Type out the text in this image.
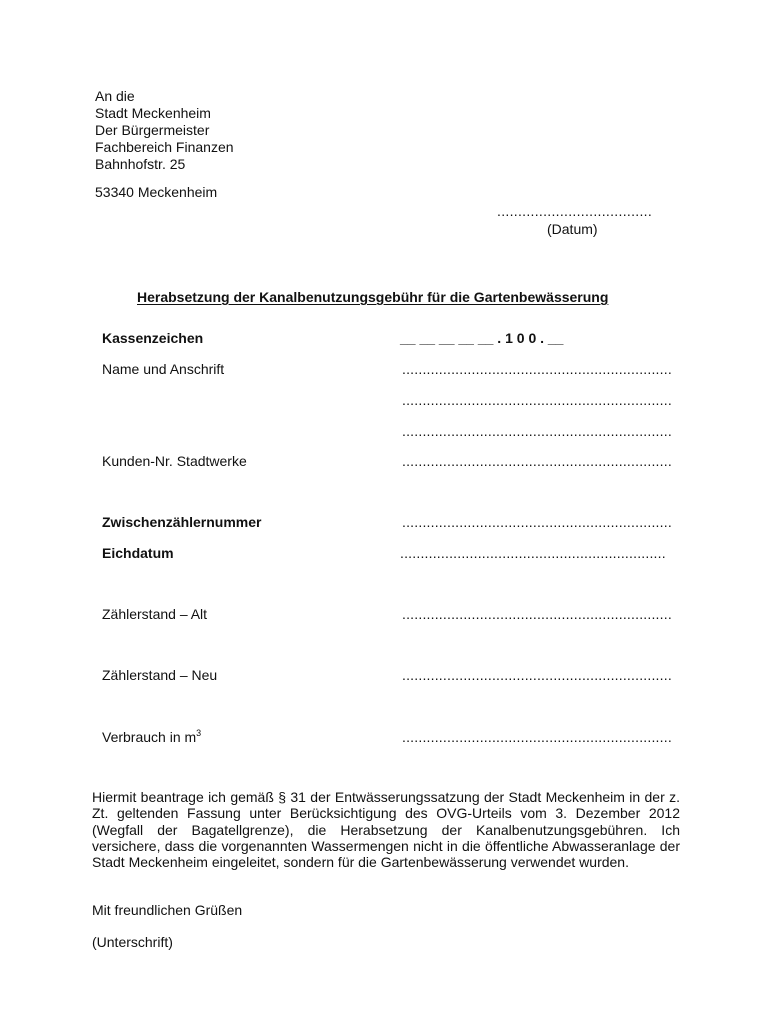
An die
Stadt Meckenheim
Der Bürgermeister
Fachbereich Finanzen
Bahnhofstr. 25
53340 Meckenheim
.....................................
(Datum)
Herabsetzung der Kanalbenutzungsgebühr für die Gartenbewässerung
Kassenzeichen	__ __ __ __ __ . 1 0 0 . __
Name und Anschrift	..................................................................
..................................................................
..................................................................
Kunden-Nr. Stadtwerke	..................................................................
Zwischenzählernummer	..................................................................
Eichdatum	.................................................................
Zählerstand – Alt	..................................................................
Zählerstand – Neu	..................................................................
Verbrauch in $m^3$	..................................................................
Hiermit beantrage ich gemäß § 31 der Entwässerungssatzung der Stadt Meckenheim in der z. Zt. geltenden Fassung unter Berücksichtigung des OVG-Urteils vom 3. Dezember 2012 (Wegfall der Bagatellgrenze), die Herabsetzung der Kanalbenutzungsgebühren. Ich versichere, dass die vorgenannten Wassermengen nicht in die öffentliche Abwasseranlage der Stadt Meckenheim eingeleitet, sondern für die Gartenbewässerung verwendet wurden.
Mit freundlichen Grüßen
(Unterschrift)
